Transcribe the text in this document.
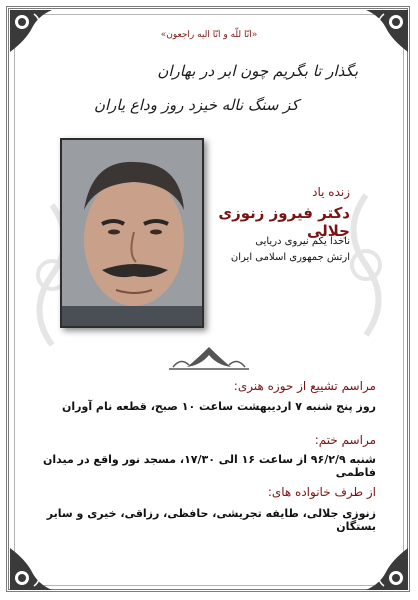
«انّا للّه و انّا اليه راجعون»
بگذار تا بگریم چون ابر در بهاران
کز سنگ ناله خیزد روز وداع یاران
زنده یاد
دکتر فیروز زنوزی جلالی
ناخدا یکم نیروی دریایی
ارتش جمهوری اسلامی ایران
مراسم تشییع از حوزه هنری:
روز پنج شنبه ۷ اردیبهشت ساعت ۱۰ صبح، قطعه نام آوران
مراسم ختم:
شنبه ۹۶/۲/۹ از ساعت ۱۶ الی ۱۷/۳۰، مسجد نور واقع در میدان فاطمی
از طرف خانواده های:
زنوزی جلالی، طایفه تجریشی، حافظی، رزاقی، خیری و سایر بستگان
